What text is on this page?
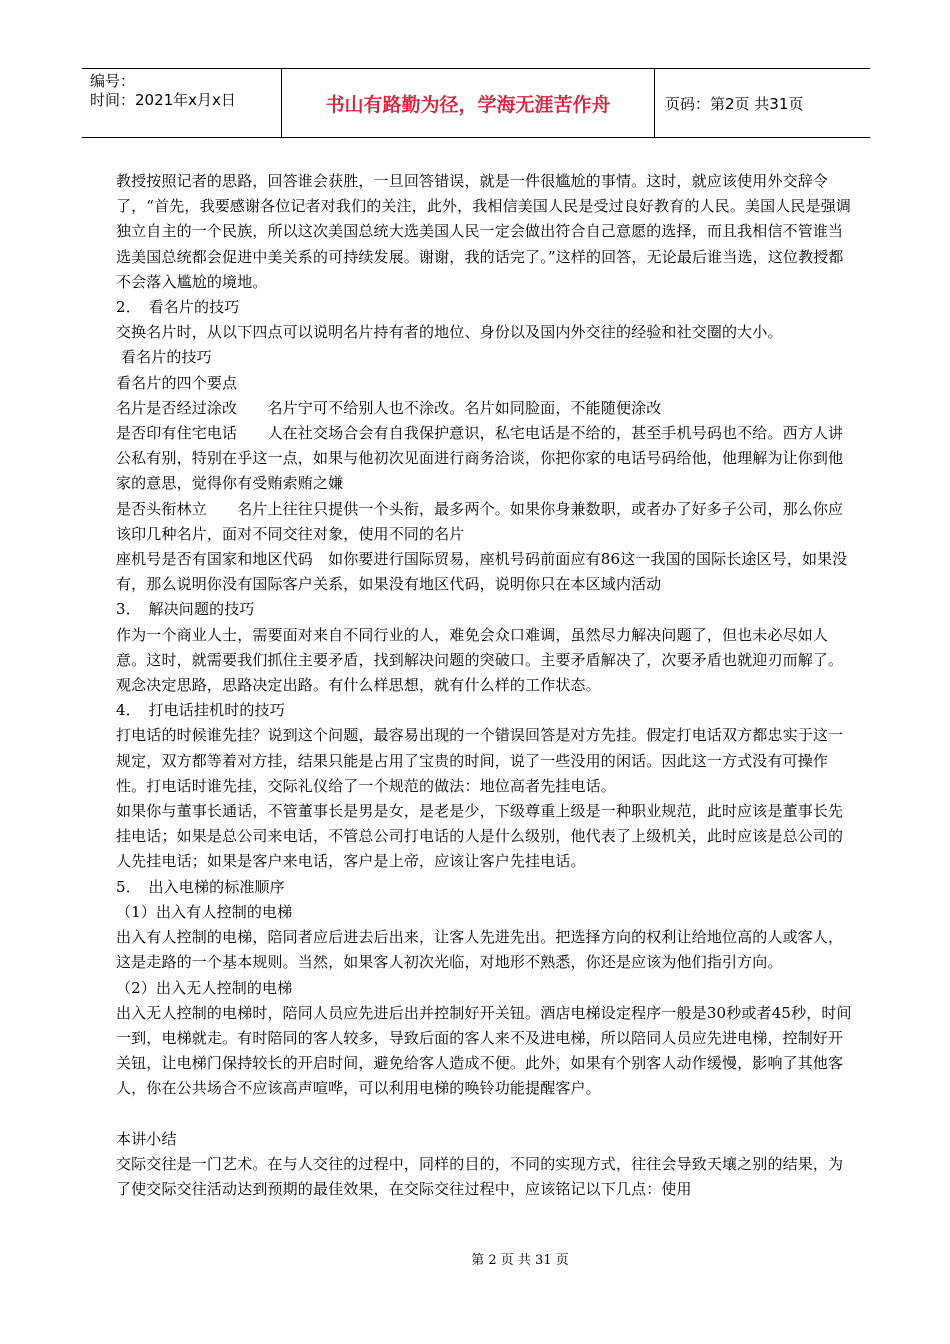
编号：
时间：2021年x月x日	书山有路勤为径，学海无涯苦作舟	页码：第2页 共31页

教授按照记者的思路，回答谁会获胜，一旦回答错误，就是一件很尴尬的事情。这时，就应该使用外交辞令了，“首先，我要感谢各位记者对我们的关注，此外，我相信美国人民是受过良好教育的人民。美国人民是强调独立自主的一个民族，所以这次美国总统大选美国人民一定会做出符合自己意愿的选择，而且我相信不管谁当选美国总统都会促进中美关系的可持续发展。谢谢，我的话完了。”这样的回答，无论最后谁当选，这位教授都不会落入尴尬的境地。

2．　看名片的技巧

交换名片时，从以下四点可以说明名片持有者的地位、身份以及国内外交往的经验和社交圈的大小。

看名片的技巧

看名片的四个要点

名片是否经过涂改　　名片宁可不给别人也不涂改。名片如同脸面，不能随便涂改

是否印有住宅电话　　人在社交场合会有自我保护意识，私宅电话是不给的，甚至手机号码也不给。西方人讲公私有别，特别在乎这一点，如果与他初次见面进行商务洽谈，你把你家的电话号码给他，他理解为让你到他家的意思，觉得你有受贿索贿之嫌

是否头衔林立　　名片上往往只提供一个头衔，最多两个。如果你身兼数职，或者办了好多子公司，那么你应该印几种名片，面对不同交往对象，使用不同的名片

座机号是否有国家和地区代码　如你要进行国际贸易，座机号码前面应有86这一我国的国际长途区号，如果没有，那么说明你没有国际客户关系，如果没有地区代码，说明你只在本区域内活动

3．　解决问题的技巧

作为一个商业人士，需要面对来自不同行业的人，难免会众口难调，虽然尽力解决问题了，但也未必尽如人意。这时，就需要我们抓住主要矛盾，找到解决问题的突破口。主要矛盾解决了，次要矛盾也就迎刃而解了。观念决定思路，思路决定出路。有什么样思想，就有什么样的工作状态。

4．　打电话挂机时的技巧

打电话的时候谁先挂？说到这个问题，最容易出现的一个错误回答是对方先挂。假定打电话双方都忠实于这一规定，双方都等着对方挂，结果只能是占用了宝贵的时间，说了一些没用的闲话。因此这一方式没有可操作性。打电话时谁先挂，交际礼仪给了一个规范的做法：地位高者先挂电话。

如果你与董事长通话，不管董事长是男是女，是老是少，下级尊重上级是一种职业规范，此时应该是董事长先挂电话；如果是总公司来电话，不管总公司打电话的人是什么级别，他代表了上级机关，此时应该是总公司的人先挂电话；如果是客户来电话，客户是上帝，应该让客户先挂电话。

5．　出入电梯的标准顺序

（1）出入有人控制的电梯

出入有人控制的电梯，陪同者应后进去后出来，让客人先进先出。把选择方向的权利让给地位高的人或客人，这是走路的一个基本规则。当然，如果客人初次光临，对地形不熟悉，你还是应该为他们指引方向。

（2）出入无人控制的电梯

出入无人控制的电梯时，陪同人员应先进后出并控制好开关钮。酒店电梯设定程序一般是30秒或者45秒，时间一到，电梯就走。有时陪同的客人较多，导致后面的客人来不及进电梯，所以陪同人员应先进电梯，控制好开关钮，让电梯门保持较长的开启时间，避免给客人造成不便。此外，如果有个别客人动作缓慢，影响了其他客人，你在公共场合不应该高声喧哗，可以利用电梯的唤铃功能提醒客户。

本讲小结

交际交往是一门艺术。在与人交往的过程中，同样的目的，不同的实现方式，往往会导致天壤之别的结果，为了使交际交往活动达到预期的最佳效果，在交际交往过程中，应该铭记以下几点：使用

第 2 页 共 31 页
